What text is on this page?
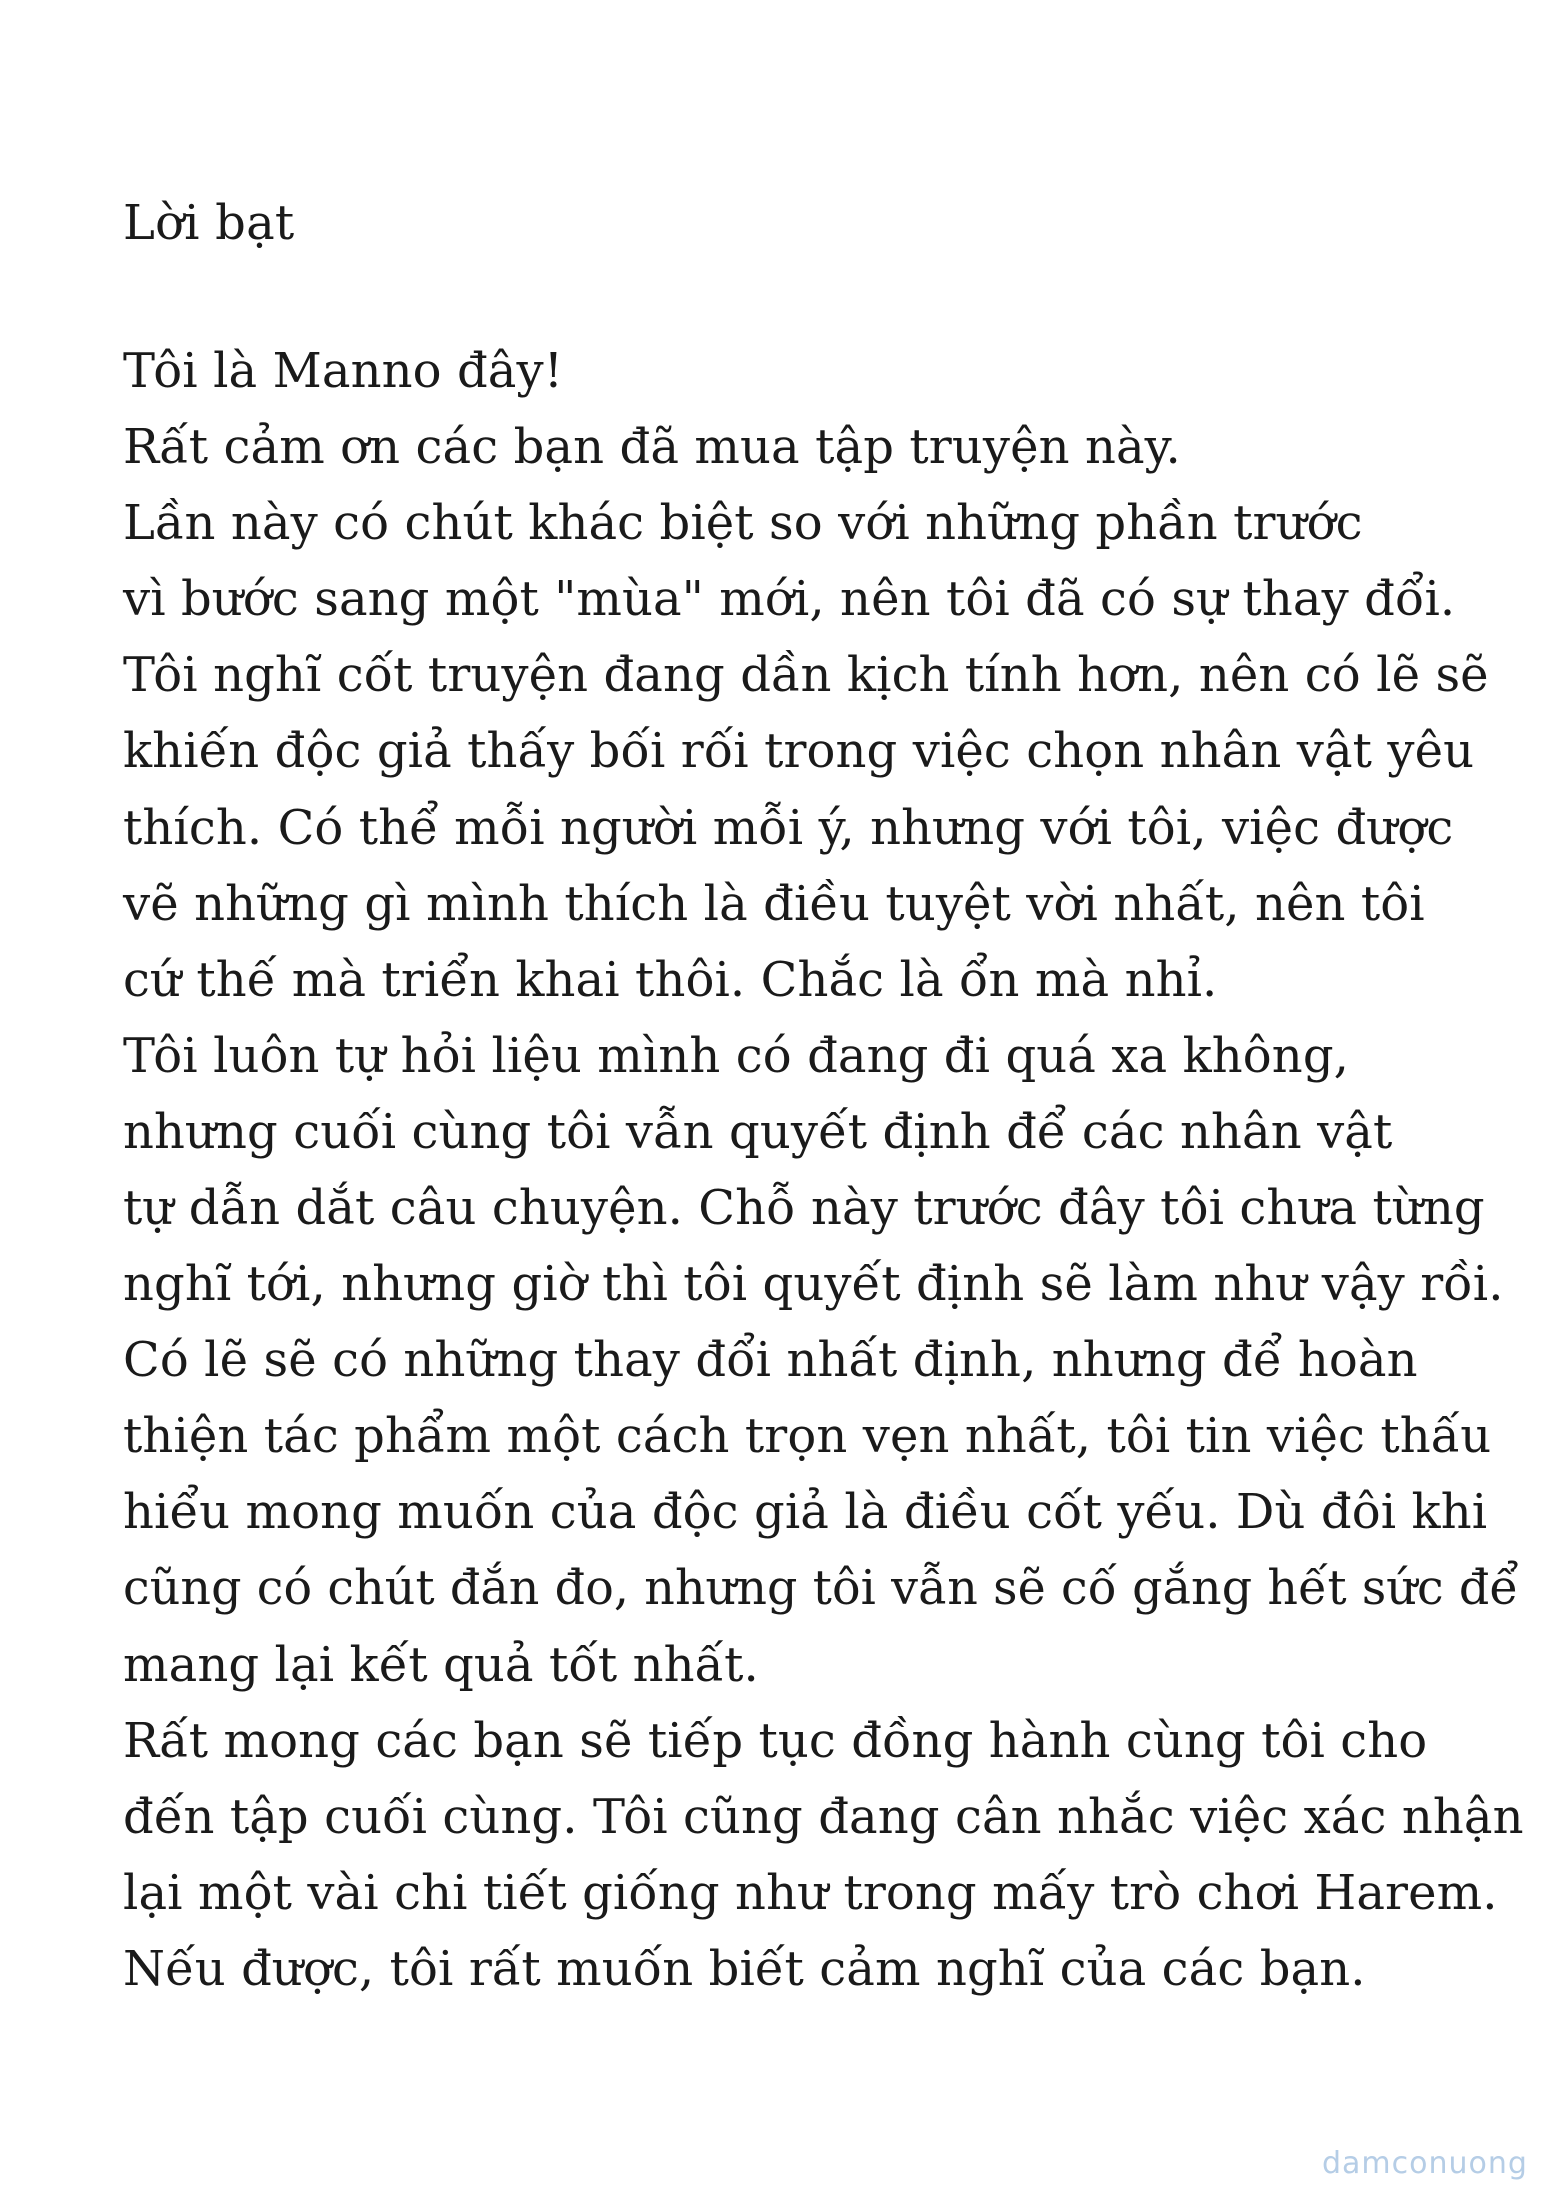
Lời bạt
Tôi là Manno đây!
Rất cảm ơn các bạn đã mua tập truyện này.
Lần này có chút khác biệt so với những phần trước
vì bước sang một "mùa" mới, nên tôi đã có sự thay đổi.
Tôi nghĩ cốt truyện đang dần kịch tính hơn, nên có lẽ sẽ
khiến độc giả thấy bối rối trong việc chọn nhân vật yêu
thích. Có thể mỗi người mỗi ý, nhưng với tôi, việc được
vẽ những gì mình thích là điều tuyệt vời nhất, nên tôi
cứ thế mà triển khai thôi. Chắc là ổn mà nhỉ.
Tôi luôn tự hỏi liệu mình có đang đi quá xa không,
nhưng cuối cùng tôi vẫn quyết định để các nhân vật
tự dẫn dắt câu chuyện. Chỗ này trước đây tôi chưa từng
nghĩ tới, nhưng giờ thì tôi quyết định sẽ làm như vậy rồi.
Có lẽ sẽ có những thay đổi nhất định, nhưng để hoàn
thiện tác phẩm một cách trọn vẹn nhất, tôi tin việc thấu
hiểu mong muốn của độc giả là điều cốt yếu. Dù đôi khi
cũng có chút đắn đo, nhưng tôi vẫn sẽ cố gắng hết sức để
mang lại kết quả tốt nhất.
Rất mong các bạn sẽ tiếp tục đồng hành cùng tôi cho
đến tập cuối cùng. Tôi cũng đang cân nhắc việc xác nhận
lại một vài chi tiết giống như trong mấy trò chơi Harem.
Nếu được, tôi rất muốn biết cảm nghĩ của các bạn.
damconuong
